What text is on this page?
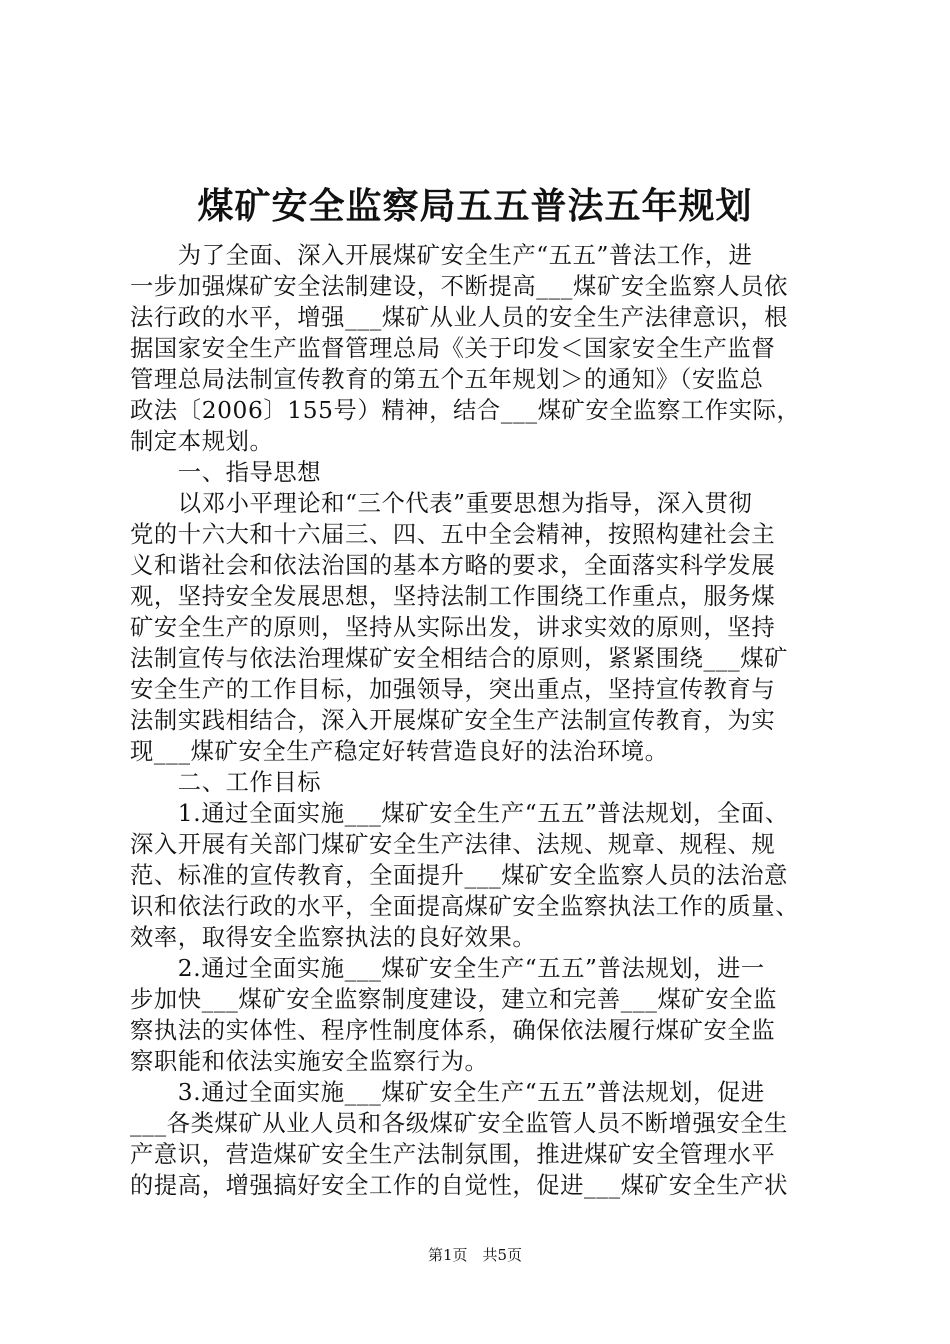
煤矿安全监察局五五普法五年规划
　　为了全面、深入开展煤矿安全生产“五五”普法工作，进
一步加强煤矿安全法制建设，不断提高___煤矿安全监察人员依
法行政的水平，增强___煤矿从业人员的安全生产法律意识，根
据国家安全生产监督管理总局《关于印发＜国家安全生产监督
管理总局法制宣传教育的第五个五年规划＞的通知》（安监总
政法〔2006〕155号）精神，结合___煤矿安全监察工作实际，
制定本规划。
　　一、指导思想
　　以邓小平理论和“三个代表”重要思想为指导，深入贯彻
党的十六大和十六届三、四、五中全会精神，按照构建社会主
义和谐社会和依法治国的基本方略的要求，全面落实科学发展
观，坚持安全发展思想，坚持法制工作围绕工作重点，服务煤
矿安全生产的原则，坚持从实际出发，讲求实效的原则，坚持
法制宣传与依法治理煤矿安全相结合的原则，紧紧围绕___煤矿
安全生产的工作目标，加强领导，突出重点，坚持宣传教育与
法制实践相结合，深入开展煤矿安全生产法制宣传教育，为实
现___煤矿安全生产稳定好转营造良好的法治环境。
　　二、工作目标
　　1.通过全面实施___煤矿安全生产“五五”普法规划，全面、
深入开展有关部门煤矿安全生产法律、法规、规章、规程、规
范、标准的宣传教育，全面提升___煤矿安全监察人员的法治意
识和依法行政的水平，全面提高煤矿安全监察执法工作的质量、
效率，取得安全监察执法的良好效果。
　　2.通过全面实施___煤矿安全生产“五五”普法规划，进一
步加快___煤矿安全监察制度建设，建立和完善___煤矿安全监
察执法的实体性、程序性制度体系，确保依法履行煤矿安全监
察职能和依法实施安全监察行为。
　　3.通过全面实施___煤矿安全生产“五五”普法规划，促进
___各类煤矿从业人员和各级煤矿安全监管人员不断增强安全生
产意识，营造煤矿安全生产法制氛围，推进煤矿安全管理水平
的提高，增强搞好安全工作的自觉性，促进___煤矿安全生产状
第1页　共5页
